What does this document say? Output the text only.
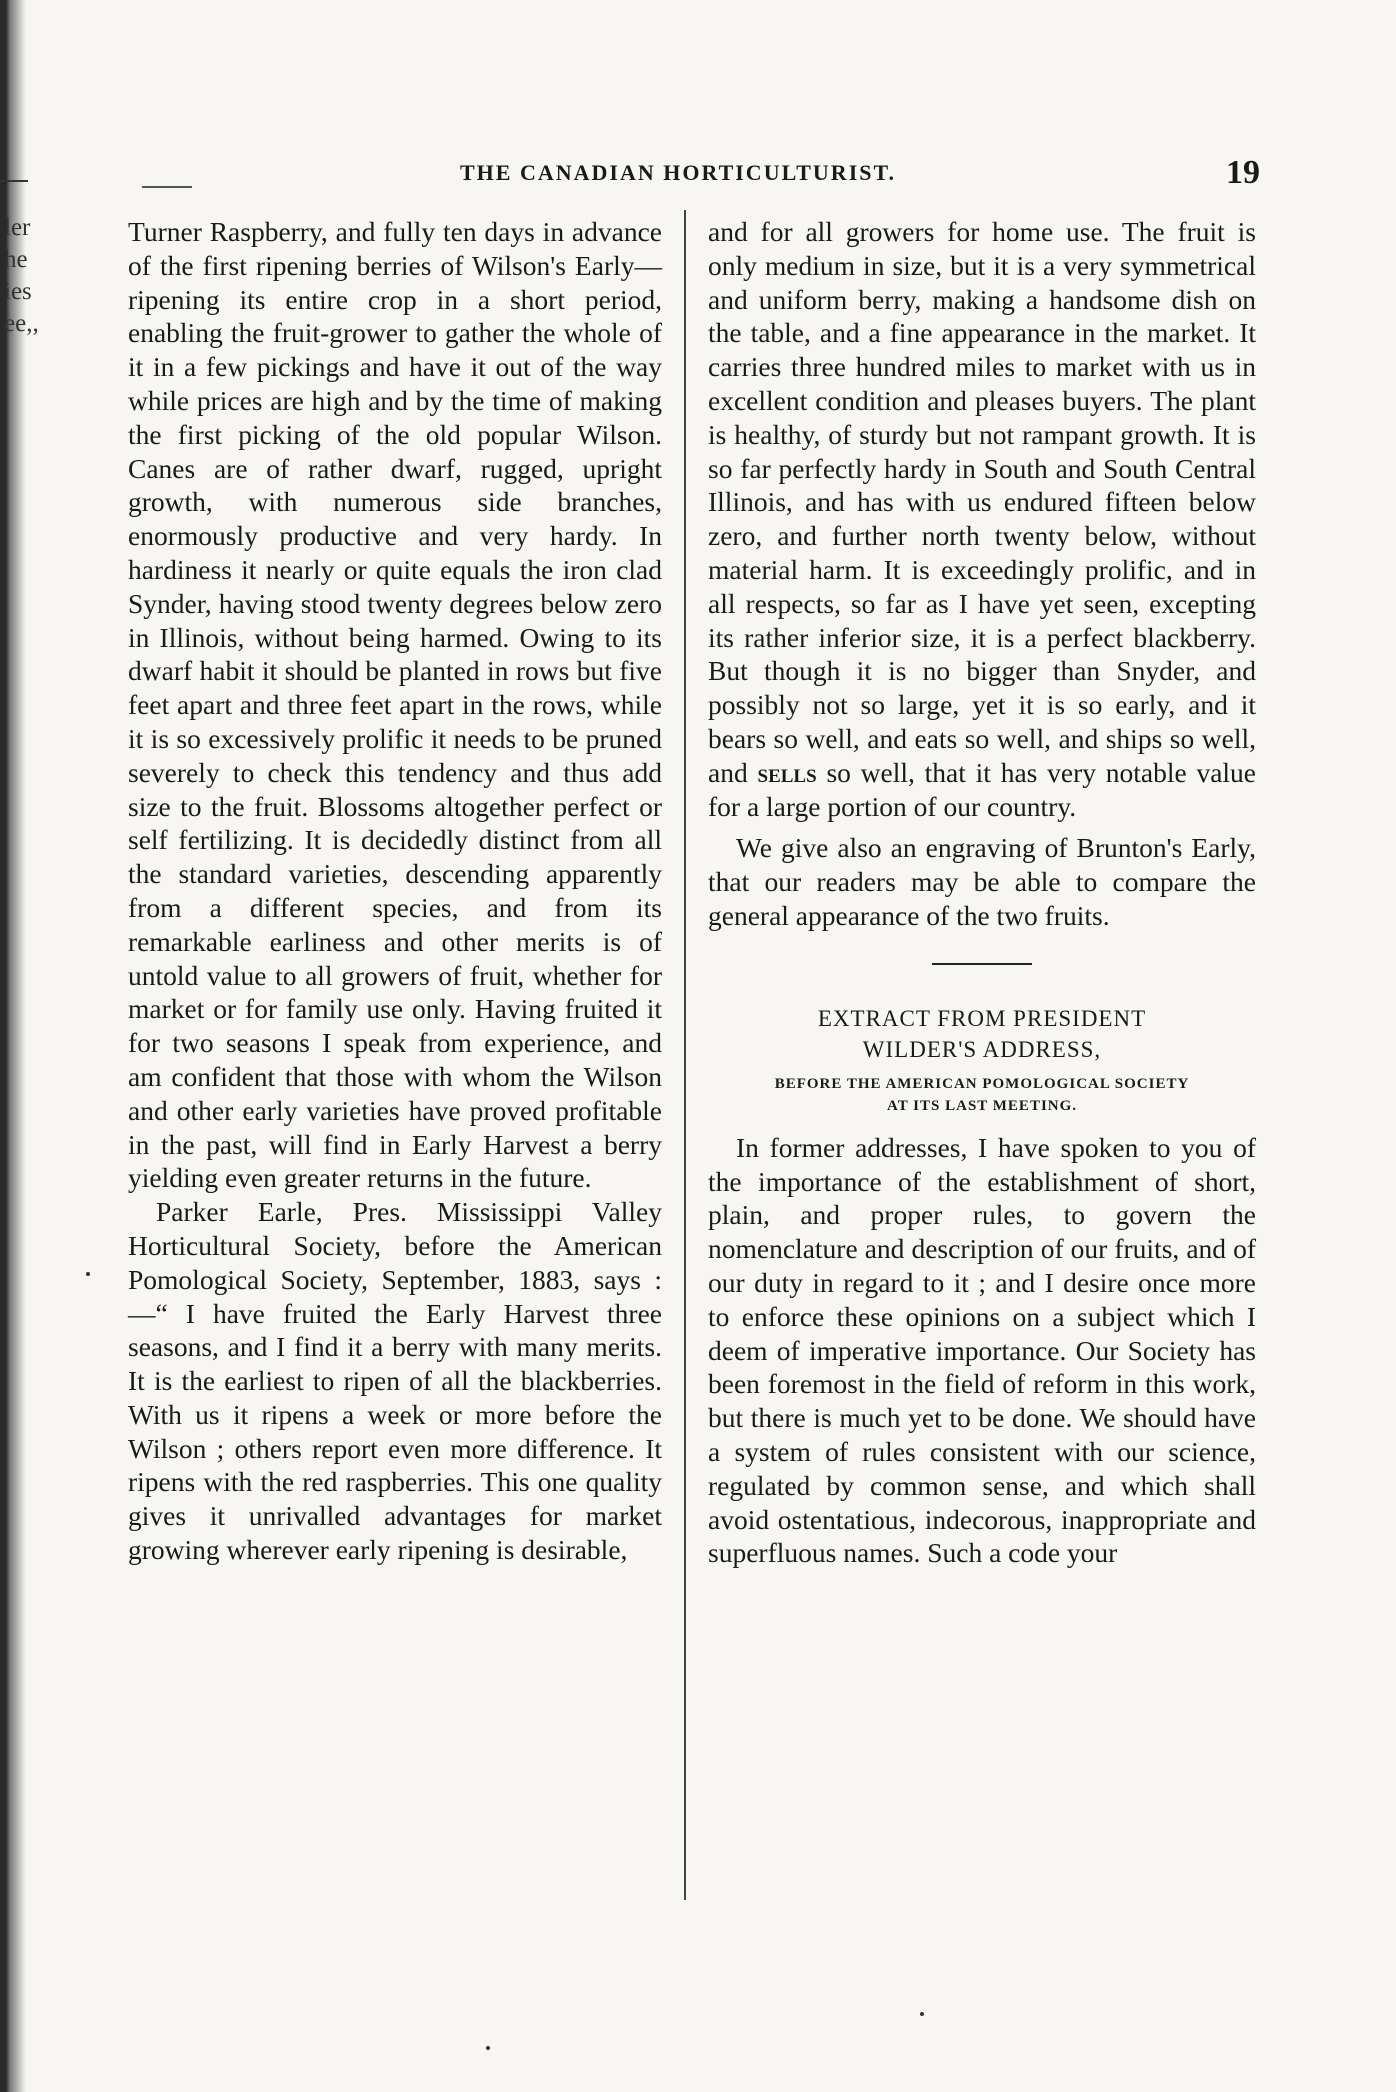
ler
he
ies
ee,,
THE CANADIAN HORTICULTURIST.	19

Turner Raspberry, and fully ten days in advance of the first ripening berries of Wilson's Early—ripening its entire crop in a short period, enabling the fruit-grower to gather the whole of it in a few pickings and have it out of the way while prices are high and by the time of making the first picking of the old popular Wilson. Canes are of rather dwarf, rugged, upright growth, with numerous side branches, enormously productive and very hardy. In hardiness it nearly or quite equals the iron clad Synder, having stood twenty degrees below zero in Illinois, without being harmed. Owing to its dwarf habit it should be planted in rows but five feet apart and three feet apart in the rows, while it is so excessively prolific it needs to be pruned severely to check this tendency and thus add size to the fruit. Blossoms altogether perfect or self fertilizing. It is decidedly distinct from all the standard varieties, descending apparently from a different species, and from its remarkable earliness and other merits is of untold value to all growers of fruit, whether for market or for family use only. Having fruited it for two seasons I speak from experience, and am confident that those with whom the Wilson and other early varieties have proved profitable in the past, will find in Early Harvest a berry yielding even greater returns in the future.

Parker Earle, Pres. Mississippi Valley Horticultural Society, before the American Pomological Society, September, 1883, says :—“ I have fruited the Early Harvest three seasons, and I find it a berry with many merits. It is the earliest to ripen of all the blackberries. With us it ripens a week or more before the Wilson ; others report even more difference. It ripens with the red raspberries. This one quality gives it unrivalled advantages for market growing wherever early ripening is desirable,

and for all growers for home use. The fruit is only medium in size, but it is a very symmetrical and uniform berry, making a handsome dish on the table, and a fine appearance in the market. It carries three hundred miles to market with us in excellent condition and pleases buyers. The plant is healthy, of sturdy but not rampant growth. It is so far perfectly hardy in South and South Central Illinois, and has with us endured fifteen below zero, and further north twenty below, without material harm. It is exceedingly prolific, and in all respects, so far as I have yet seen, excepting its rather inferior size, it is a perfect blackberry. But though it is no bigger than Snyder, and possibly not so large, yet it is so early, and it bears so well, and eats so well, and ships so well, and sells so well, that it has very notable value for a large portion of our country.

We give also an engraving of Brunton's Early, that our readers may be able to compare the general appearance of the two fruits.

EXTRACT FROM PRESIDENT

WILDER'S ADDRESS,

BEFORE THE AMERICAN POMOLOGICAL SOCIETY
AT ITS LAST MEETING.

In former addresses, I have spoken to you of the importance of the establishment of short, plain, and proper rules, to govern the nomenclature and description of our fruits, and of our duty in regard to it ; and I desire once more to enforce these opinions on a subject which I deem of imperative importance. Our Society has been foremost in the field of reform in this work, but there is much yet to be done. We should have a system of rules consistent with our science, regulated by common sense, and which shall avoid ostentatious, indecorous, inappropriate and superfluous names. Such a code your
